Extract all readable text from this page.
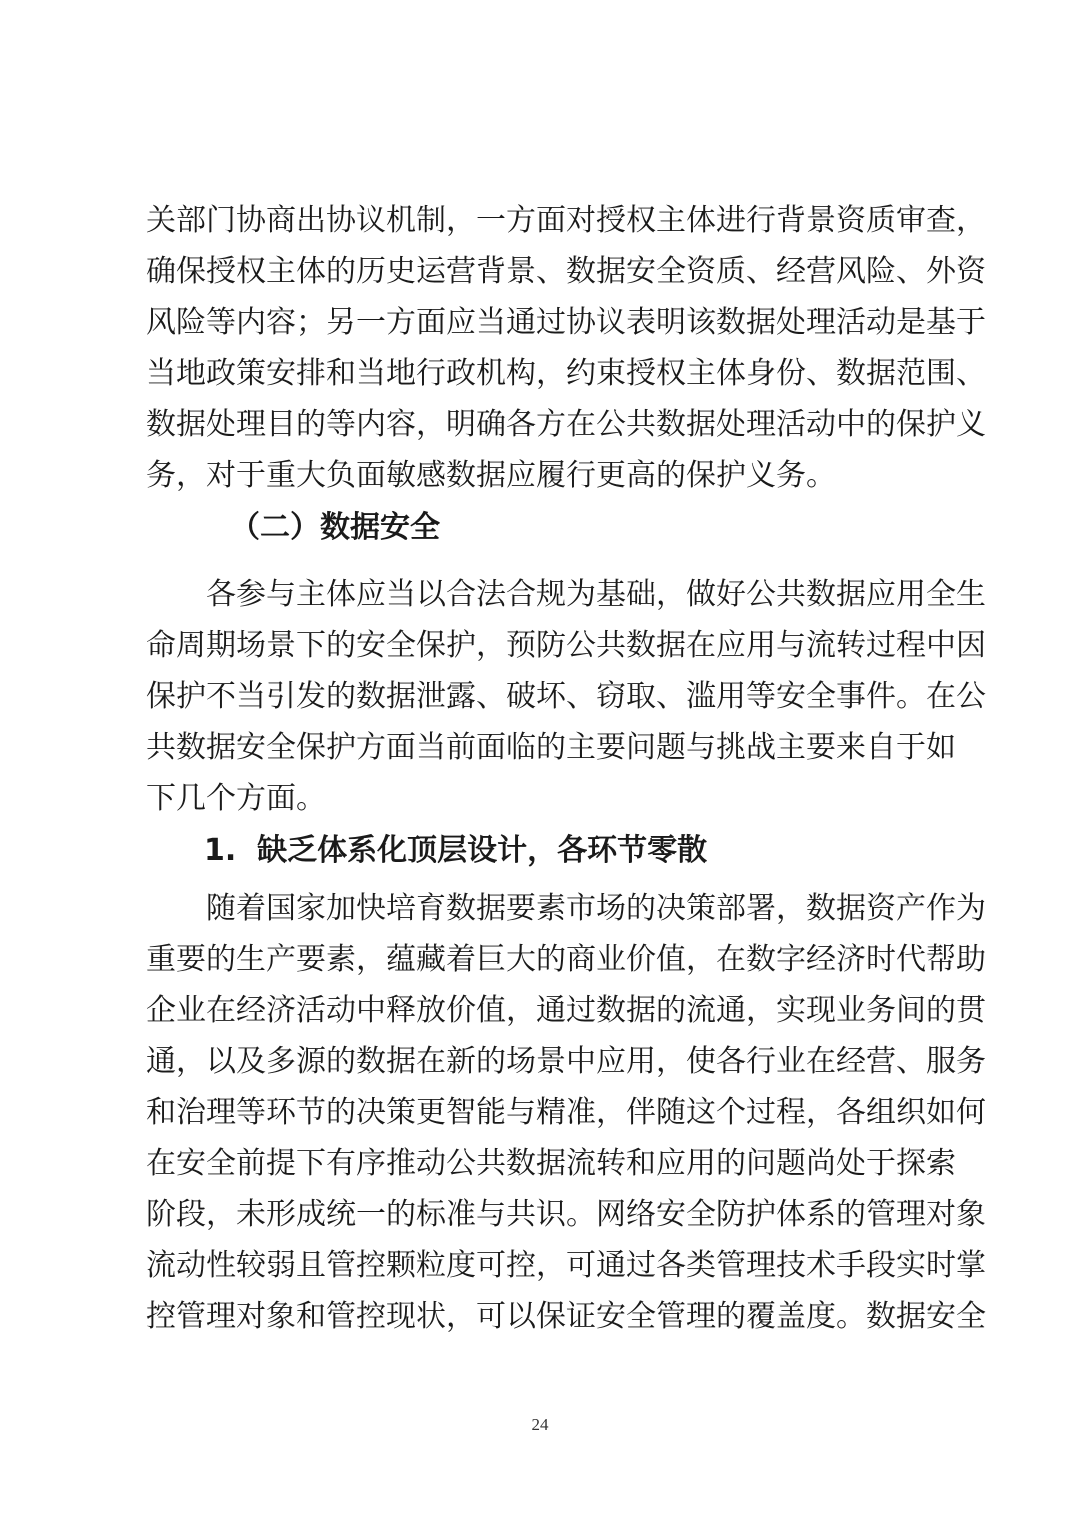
关部门协商出协议机制，一方面对授权主体进行背景资质审查，
确保授权主体的历史运营背景、数据安全资质、经营风险、外资
风险等内容；另一方面应当通过协议表明该数据处理活动是基于
当地政策安排和当地行政机构，约束授权主体身份、数据范围、
数据处理目的等内容，明确各方在公共数据处理活动中的保护义
务，对于重大负面敏感数据应履行更高的保护义务。
（二）数据安全
各参与主体应当以合法合规为基础，做好公共数据应用全生
命周期场景下的安全保护，预防公共数据在应用与流转过程中因
保护不当引发的数据泄露、破坏、窃取、滥用等安全事件。在公
共数据安全保护方面当前面临的主要问题与挑战主要来自于如
下几个方面。
1.  缺乏体系化顶层设计，各环节零散
随着国家加快培育数据要素市场的决策部署，数据资产作为
重要的生产要素，蕴藏着巨大的商业价值，在数字经济时代帮助
企业在经济活动中释放价值，通过数据的流通，实现业务间的贯
通，以及多源的数据在新的场景中应用，使各行业在经营、服务
和治理等环节的决策更智能与精准，伴随这个过程，各组织如何
在安全前提下有序推动公共数据流转和应用的问题尚处于探索
阶段，未形成统一的标准与共识。网络安全防护体系的管理对象
流动性较弱且管控颗粒度可控，可通过各类管理技术手段实时掌
控管理对象和管控现状，可以保证安全管理的覆盖度。数据安全
24
